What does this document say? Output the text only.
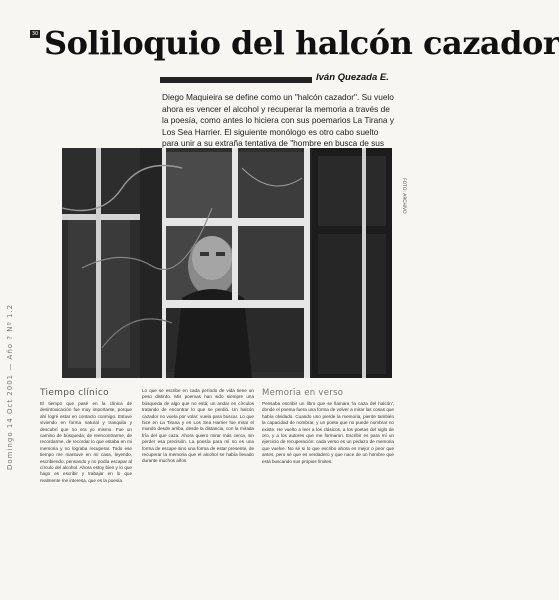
Domingo 14 Oct 2001 — Año ? Nº 1.2
30 Soliloquio del halcón cazador
Iván Quezada E.

Diego Maquieira se define como un "halcón cazador". Su vuelo ahora es vencer el alcohol y recuperar la memoria a través de la poesía, como antes lo hiciera con sus poemarios La Tirana y Los Sea Harrier. El siguiente monólogo es otro cabo suelto para unir a su extraña tentativa de "hombre en busca de sus

FOTO: ARCHIVO
Tiempo clínico

El tiempo que pasé en la clínica de desintoxicación fue muy importante, porque ahí logré estar en contacto conmigo. Estuve viviendo en forma natural y tranquila y descubrí que no era yo mismo. Fue un camino de búsqueda; de reencontrarme, de recordarme, de recordar lo que estaba en mi memoria y no lograba recuperar. Todo ese tiempo me mantuve en mi casa, leyendo, escribiendo, pensando y no podía escapar al círculo del alcohol. Ahora estoy bien y lo que hago es escribir y trabajar en lo que realmente me interesa, que es la poesía.

Lo que se escribe en cada período de vida tiene un peso distinto. Mis poemas han sido siempre una búsqueda de algo que no está; un andar en círculos tratando de encontrar lo que se perdió. Un halcón cazador no vuela por volar: vuela para buscar. Lo que hice en La Tirana y en Los Sea Harrier fue mirar el mundo desde arriba, desde la distancia, con la mirada fría del que caza. Ahora quiero mirar más cerca, sin perder esa precisión. La poesía para mí no es una forma de escape sino una forma de estar presente, de recuperar la memoria que el alcohol se había llevado durante muchos años.

Memoria en verso

Pensaba escribir un libro que se llamara 'la caza del halcón', donde el poema fuera una forma de volver a mirar las cosas que había olvidado. Cuando uno pierde la memoria, pierde también la capacidad de nombrar, y un poeta que no puede nombrar no existe. He vuelto a leer a los clásicos, a los poetas del siglo de oro, y a los autores que me formaron. Escribir es para mí un ejercicio de recuperación: cada verso es un pedazo de memoria que vuelve. No sé si lo que escribo ahora es mejor o peor que antes, pero sé que es verdadero y que nace de un hombre que está buscando sus propios límites.
